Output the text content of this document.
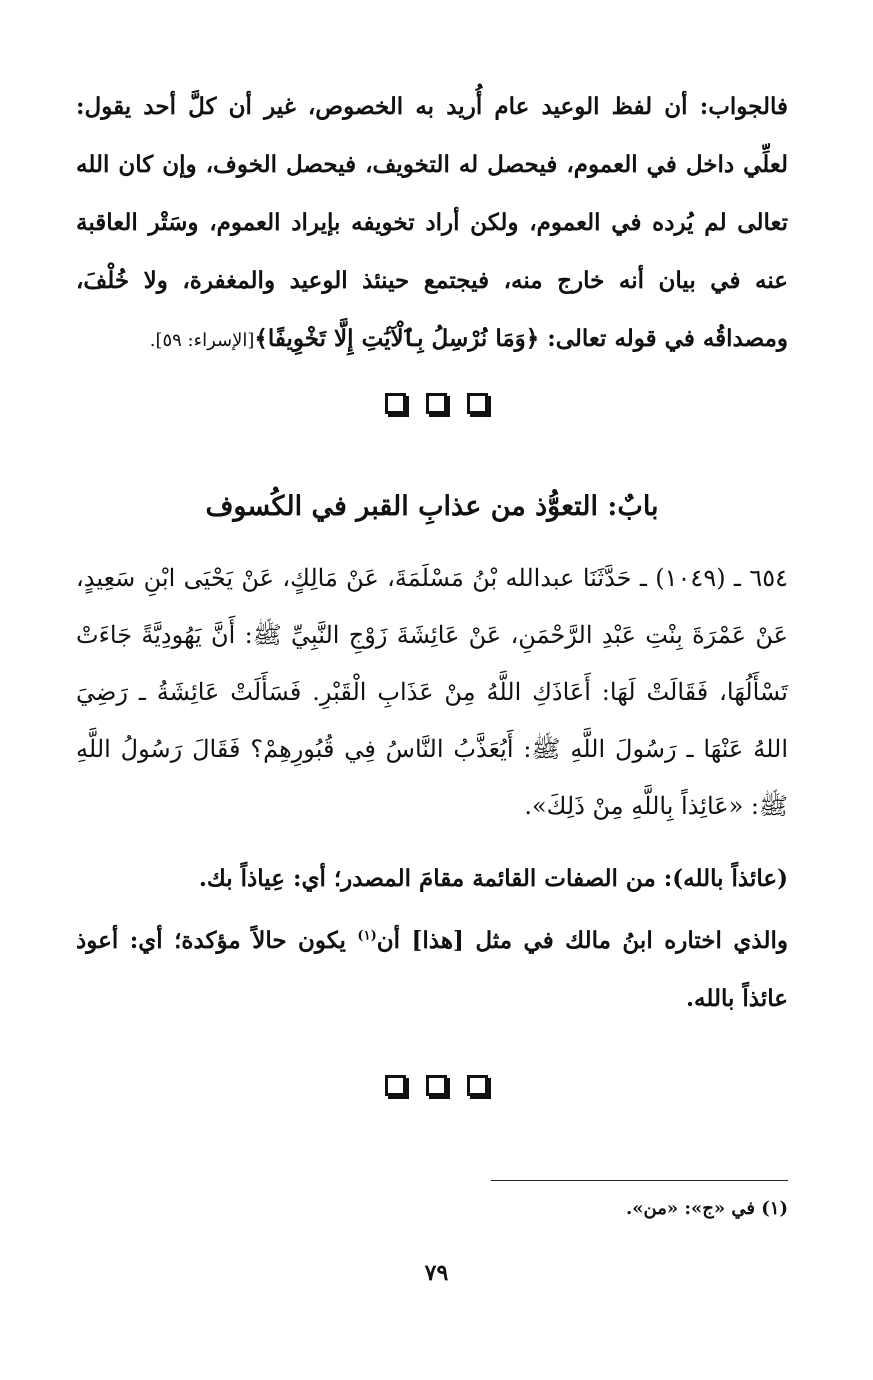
فالجواب: أن لفظ الوعيد عام أُريد به الخصوص، غير أن كلَّ أحد يقول: لعلِّي داخل في العموم، فيحصل له التخويف، فيحصل الخوف، وإن كان الله تعالى لم يُرده في العموم، ولكن أراد تخويفه بإيراد العموم، وسَتْر العاقبة عنه في بيان أنه خارج منه، فيجتمع حينئذ الوعيد والمغفرة، ولا خُلْفَ، ومصداقُه في قوله تعالى: ﴿وَمَا نُرْسِلُ بِٱلْآيَٰتِ إِلَّا تَخْوِيفًا﴾[الإسراء: ٥٩].

بابٌ: التعوُّذ من عذابِ القبر في الكُسوف

٦٥٤ ـ (١٠٤٩) ـ حَدَّثَنَا عبدالله بْنُ مَسْلَمَةَ، عَنْ مَالِكٍ، عَنْ يَحْيَى ابْنِ سَعِيدٍ، عَنْ عَمْرَةَ بِنْتِ عَبْدِ الرَّحْمَنِ، عَنْ عَائِشَةَ زَوْجِ النَّبِيِّ ﷺ: أَنَّ يَهُودِيَّةً جَاءَتْ تَسْأَلُهَا، فَقَالَتْ لَهَا: أَعَاذَكِ اللَّهُ مِنْ عَذَابِ الْقَبْرِ. فَسَأَلَتْ عَائِشَةُ ـ رَضِيَ اللهُ عَنْهَا ـ رَسُولَ اللَّهِ ﷺ: أَيُعَذَّبُ النَّاسُ فِي قُبُورِهِمْ؟ فَقَالَ رَسُولُ اللَّهِ ﷺ: «عَائِذاً بِاللَّهِ مِنْ ذَلِكَ».

(عائذاً بالله): من الصفات القائمة مقامَ المصدر؛ أي: عِياذاً بك.

والذي اختاره ابنُ مالك في مثل [هذا] أن$^{(١)}$ يكون حالاً مؤكدة؛ أي: أعوذ عائذاً بالله.

(١) في «ج»: «من».

٧٩
